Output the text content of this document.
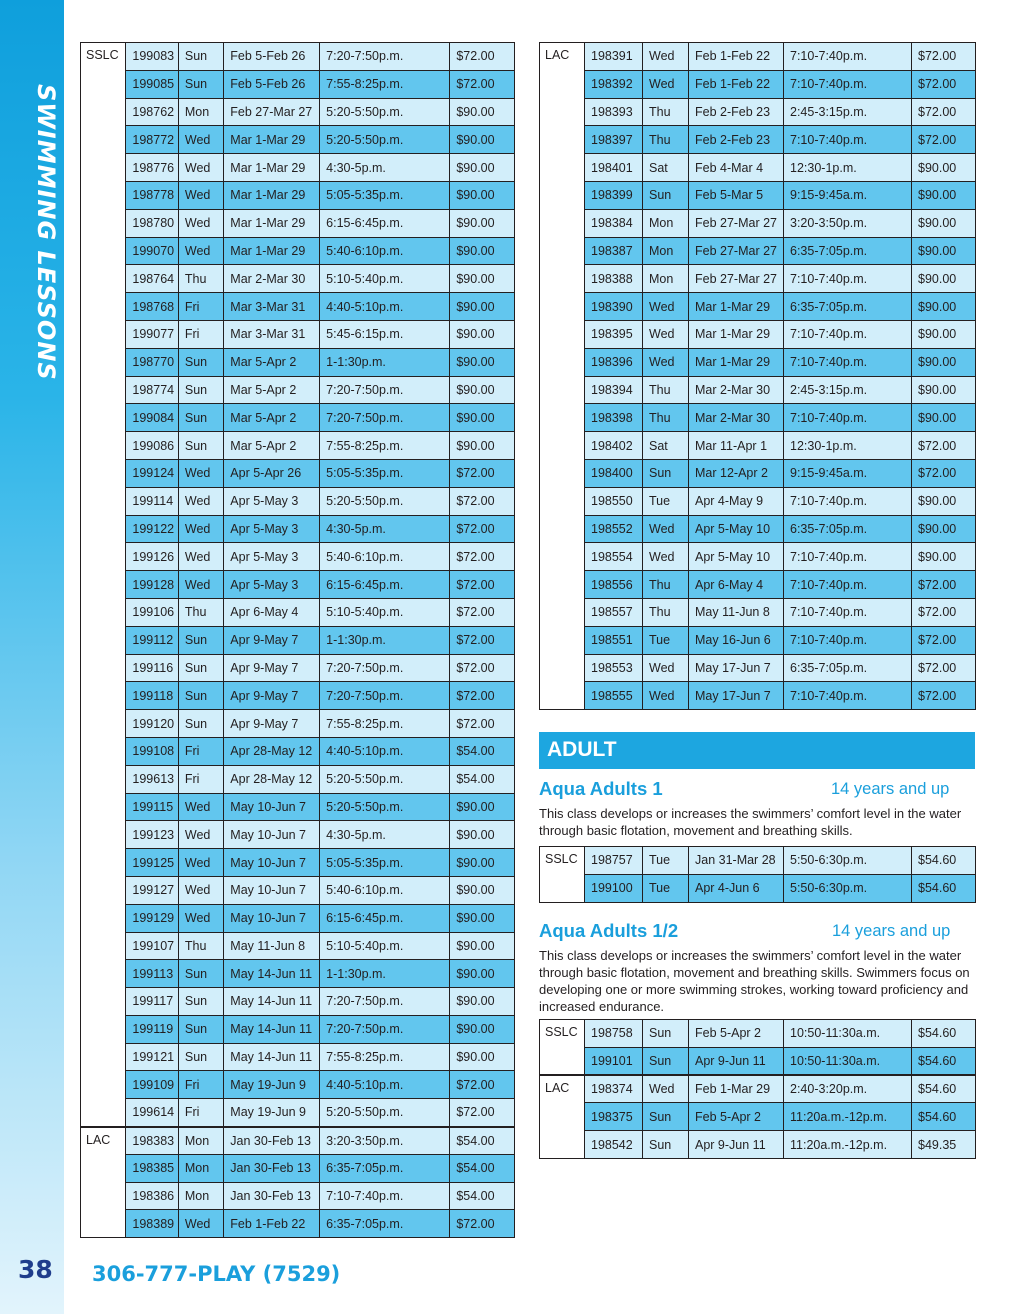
SWIMMING LESSONS
38 306-777-PLAY (7529)
SSLC	199083	Sun	Feb 5-Feb 26	7:20-7:50p.m.	$72.00
	199085	Sun	Feb 5-Feb 26	7:55-8:25p.m.	$72.00
	198762	Mon	Feb 27-Mar 27	5:20-5:50p.m.	$90.00
	198772	Wed	Mar 1-Mar 29	5:20-5:50p.m.	$90.00
	198776	Wed	Mar 1-Mar 29	4:30-5p.m.	$90.00
	198778	Wed	Mar 1-Mar 29	5:05-5:35p.m.	$90.00
	198780	Wed	Mar 1-Mar 29	6:15-6:45p.m.	$90.00
	199070	Wed	Mar 1-Mar 29	5:40-6:10p.m.	$90.00
	198764	Thu	Mar 2-Mar 30	5:10-5:40p.m.	$90.00
	198768	Fri	Mar 3-Mar 31	4:40-5:10p.m.	$90.00
	199077	Fri	Mar 3-Mar 31	5:45-6:15p.m.	$90.00
	198770	Sun	Mar 5-Apr 2	1-1:30p.m.	$90.00
	198774	Sun	Mar 5-Apr 2	7:20-7:50p.m.	$90.00
	199084	Sun	Mar 5-Apr 2	7:20-7:50p.m.	$90.00
	199086	Sun	Mar 5-Apr 2	7:55-8:25p.m.	$90.00
	199124	Wed	Apr 5-Apr 26	5:05-5:35p.m.	$72.00
	199114	Wed	Apr 5-May 3	5:20-5:50p.m.	$72.00
	199122	Wed	Apr 5-May 3	4:30-5p.m.	$72.00
	199126	Wed	Apr 5-May 3	5:40-6:10p.m.	$72.00
	199128	Wed	Apr 5-May 3	6:15-6:45p.m.	$72.00
	199106	Thu	Apr 6-May 4	5:10-5:40p.m.	$72.00
	199112	Sun	Apr 9-May 7	1-1:30p.m.	$72.00
	199116	Sun	Apr 9-May 7	7:20-7:50p.m.	$72.00
	199118	Sun	Apr 9-May 7	7:20-7:50p.m.	$72.00
	199120	Sun	Apr 9-May 7	7:55-8:25p.m.	$72.00
	199108	Fri	Apr 28-May 12	4:40-5:10p.m.	$54.00
	199613	Fri	Apr 28-May 12	5:20-5:50p.m.	$54.00
	199115	Wed	May 10-Jun 7	5:20-5:50p.m.	$90.00
	199123	Wed	May 10-Jun 7	4:30-5p.m.	$90.00
	199125	Wed	May 10-Jun 7	5:05-5:35p.m.	$90.00
	199127	Wed	May 10-Jun 7	5:40-6:10p.m.	$90.00
	199129	Wed	May 10-Jun 7	6:15-6:45p.m.	$90.00
	199107	Thu	May 11-Jun 8	5:10-5:40p.m.	$90.00
	199113	Sun	May 14-Jun 11	1-1:30p.m.	$90.00
	199117	Sun	May 14-Jun 11	7:20-7:50p.m.	$90.00
	199119	Sun	May 14-Jun 11	7:20-7:50p.m.	$90.00
	199121	Sun	May 14-Jun 11	7:55-8:25p.m.	$90.00
	199109	Fri	May 19-Jun 9	4:40-5:10p.m.	$72.00
	199614	Fri	May 19-Jun 9	5:20-5:50p.m.	$72.00
LAC	198383	Mon	Jan 30-Feb 13	3:20-3:50p.m.	$54.00
	198385	Mon	Jan 30-Feb 13	6:35-7:05p.m.	$54.00
	198386	Mon	Jan 30-Feb 13	7:10-7:40p.m.	$54.00
	198389	Wed	Feb 1-Feb 22	6:35-7:05p.m.	$72.00
LAC	198391	Wed	Feb 1-Feb 22	7:10-7:40p.m.	$72.00
	198392	Wed	Feb 1-Feb 22	7:10-7:40p.m.	$72.00
	198393	Thu	Feb 2-Feb 23	2:45-3:15p.m.	$72.00
	198397	Thu	Feb 2-Feb 23	7:10-7:40p.m.	$72.00
	198401	Sat	Feb 4-Mar 4	12:30-1p.m.	$90.00
	198399	Sun	Feb 5-Mar 5	9:15-9:45a.m.	$90.00
	198384	Mon	Feb 27-Mar 27	3:20-3:50p.m.	$90.00
	198387	Mon	Feb 27-Mar 27	6:35-7:05p.m.	$90.00
	198388	Mon	Feb 27-Mar 27	7:10-7:40p.m.	$90.00
	198390	Wed	Mar 1-Mar 29	6:35-7:05p.m.	$90.00
	198395	Wed	Mar 1-Mar 29	7:10-7:40p.m.	$90.00
	198396	Wed	Mar 1-Mar 29	7:10-7:40p.m.	$90.00
	198394	Thu	Mar 2-Mar 30	2:45-3:15p.m.	$90.00
	198398	Thu	Mar 2-Mar 30	7:10-7:40p.m.	$90.00
	198402	Sat	Mar 11-Apr 1	12:30-1p.m.	$72.00
	198400	Sun	Mar 12-Apr 2	9:15-9:45a.m.	$72.00
	198550	Tue	Apr 4-May 9	7:10-7:40p.m.	$90.00
	198552	Wed	Apr 5-May 10	6:35-7:05p.m.	$90.00
	198554	Wed	Apr 5-May 10	7:10-7:40p.m.	$90.00
	198556	Thu	Apr 6-May 4	7:10-7:40p.m.	$72.00
	198557	Thu	May 11-Jun 8	7:10-7:40p.m.	$72.00
	198551	Tue	May 16-Jun 6	7:10-7:40p.m.	$72.00
	198553	Wed	May 17-Jun 7	6:35-7:05p.m.	$72.00
	198555	Wed	May 17-Jun 7	7:10-7:40p.m.	$72.00
ADULT
Aqua Adults 1	14 years and up
This class develops or increases the swimmers’ comfort level in the water through basic flotation, movement and breathing skills.
SSLC	198757	Tue	Jan 31-Mar 28	5:50-6:30p.m.	$54.60
	199100	Tue	Apr 4-Jun 6	5:50-6:30p.m.	$54.60
Aqua Adults 1/2	14 years and up
This class develops or increases the swimmers’ comfort level in the water through basic flotation, movement and breathing skills. Swimmers focus on developing one or more swimming strokes, working toward proficiency and increased endurance.
SSLC	198758	Sun	Feb 5-Apr 2	10:50-11:30a.m.	$54.60
	199101	Sun	Apr 9-Jun 11	10:50-11:30a.m.	$54.60
LAC	198374	Wed	Feb 1-Mar 29	2:40-3:20p.m.	$54.60
	198375	Sun	Feb 5-Apr 2	11:20a.m.-12p.m.	$54.60
	198542	Sun	Apr 9-Jun 11	11:20a.m.-12p.m.	$49.35
